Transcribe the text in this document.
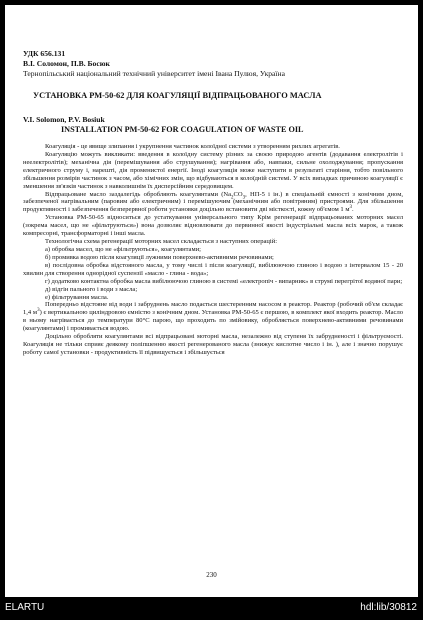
УДК 656.131
В.І. Соломон, П.В. Босюк
Тернопільський національний технічний університет імені Івана Пулюя, Україна
УСТАНОВКА РМ-50-62 ДЛЯ КОАГУЛЯЦІЇ ВІДПРАЦЬОВАНОГО МАСЛА
V.I. Solomon, P.V. Bosiuk
INSTALLATION PM-50-62 FOR COAGULATION OF WASTE OIL

Коагуляція - це явище злипання і укрупнення частинок колоїдної системи з утворенням рихлих агрегатів.

Коагуляцію можуть викликати: введення в колоїдну систему різних за своєю природою агентів (додавання електролітів і неелектролітів); механічна дія (перемішування або струшування); нагрівання або, навпаки, сильне охолоджування; пропускання електричного струму і, нарешті, дія променистої енергії. Іноді коагуляція може наступити в результаті старіння, тобто повільного збільшення розмірів частинок з часом, або хімічних змін, що відбуваються в колоїдній системі. У всіх випадках причиною коагуляції є зменшення зв'язків частинок з навколишнім їх дисперсійним середовищем.

Відпрацьоване масло заздалегідь обробляють коагулянтами ($Na_2CO_3$, НП-5 і ін.) в спеціальній ємності з конічним дном, забезпеченої нагрівальним (паровим або електричним) і перемішуючим (механічним або повітряним) пристроями. Для збільшення продуктивності і забезпечення безперервної роботи установки доцільно встановити дві місткості, кожну об'ємом 1 $м^3$.

Установка РМ-50-65 відноситься до устаткування універсального типу Крім регенерації відпрацьованих моторних масел (зокрема масел, що не «фільтруються») вона дозволяє відновлювати до первинної якості індустріальні масла всіх марок, а також компресорні, трансформаторні і інші масла.

Технологічна схема регенерації моторних масел складається з наступних операцій:

а) обробка масел, що не «фільтруються», коагулянтами;

б) промивка водою після коагуляції лужними поверхнево-активними речовинами;

в) послідовна обробка відстояного масла, у тому числі і після коагуляції, вибілюючою глиною і водою з інтервалом 15 - 20 хвилин для створення однорідної суспензії «масло - глина - вода»;

г) додатково контактна обробка масла вибілюючою глиною в системі «електропіч - випарник» в струмі перегрітої водяної пари;

д) відгін пального і води з масла;

е) фільтрування масла.

Попередньо відстояне від води і забруднень масло подається шестеренним насосом в реактор. Реактор (робочий об'єм складає 1,4 $м^3$) є вертикальною циліндровою ємністю з конічним дном. Установка РМ-50-65 є першою, в комплект якої входить реактор. Масло в ньому нагрівається до температури 80°С парою, що проходить по змійовику, обробляється поверхнево-активними речовинами (коагулянтами) і промивається водою.

Доцільно обробляти коагулянтами всі відпрацьовані моторні масла, незалежно від ступеня їх забрудненості і фільтруємості. Коагуляція не тільки сприяє деякому поліпшенню якості регенерованого масла (знижує кислотне число і ін. ), але і значно порушує роботу самої установки - продуктивність її підвищується і збільшується

230
ELARTU	hdl:lib/30812
